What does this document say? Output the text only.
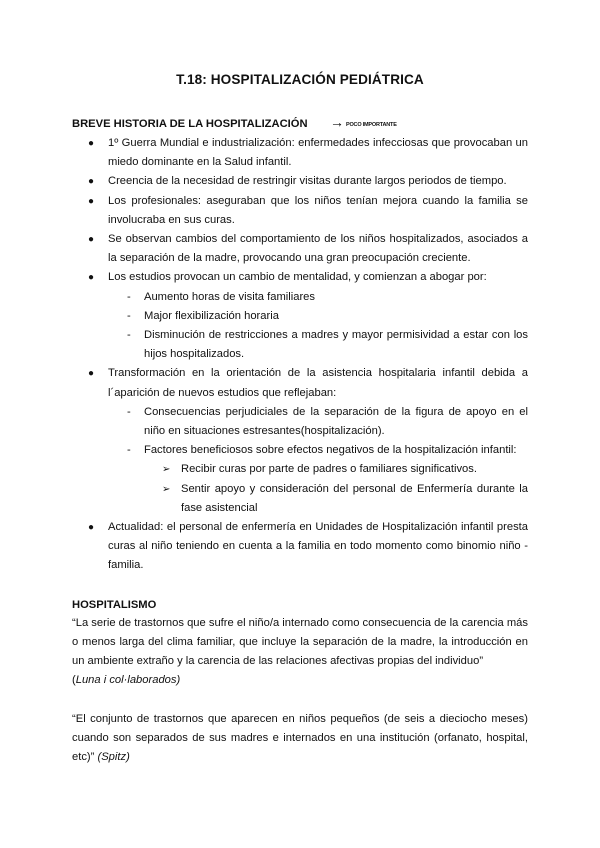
T.18: HOSPITALIZACIÓN PEDIÁTRICA
BREVE HISTORIA DE LA HOSPITALIZACIÓN → POCO IMPORTANTE
●	1º Guerra Mundial e industrialización: enfermedades infecciosas que provocaban un
miedo dominante en la Salud infantil.
●	Creencia de la necesidad de restringir visitas durante largos periodos de tiempo.
●	Los profesionales: aseguraban que los niños tenían mejora cuando la familia se
involucraba en sus curas.
●	Se observan cambios del comportamiento de los niños hospitalizados, asociados a
la separación de la madre, provocando una gran preocupación creciente.
●	Los estudios provocan un cambio de mentalidad, y comienzan a abogar por:
- Aumento horas de visita familiares
- Major flexibilización horaria
- Disminución de restricciones a madres y mayor permisividad a estar con los
hijos hospitalizados.
●	Transformación en la orientación de la asistencia hospitalaria infantil debida a
l´aparición de nuevos estudios que reflejaban:
- Consecuencias perjudiciales de la separación de la figura de apoyo en el
niño en situaciones estresantes(hospitalización).
- Factores beneficiosos sobre efectos negativos de la hospitalización infantil:
➢ Recibir curas por parte de padres o familiares significativos.
➢ Sentir apoyo y consideración del personal de Enfermería durante la
fase asistencial
●	Actualidad: el personal de enfermería en Unidades de Hospitalización infantil presta
curas al niño teniendo en cuenta a la familia en todo momento como binomio niño -
familia.
HOSPITALISMO
“La serie de trastornos que sufre el niño/a internado como consecuencia de la carencia más
o menos larga del clima familiar, que incluye la separación de la madre, la introducción en
un ambiente extraño y la carencia de las relaciones afectivas propias del individuo”
(Luna i col·laborados)
“El conjunto de trastornos que aparecen en niños pequeños (de seis a dieciocho meses)
cuando son separados de sus madres e internados en una institución (orfanato, hospital,
etc)” (Spitz)
